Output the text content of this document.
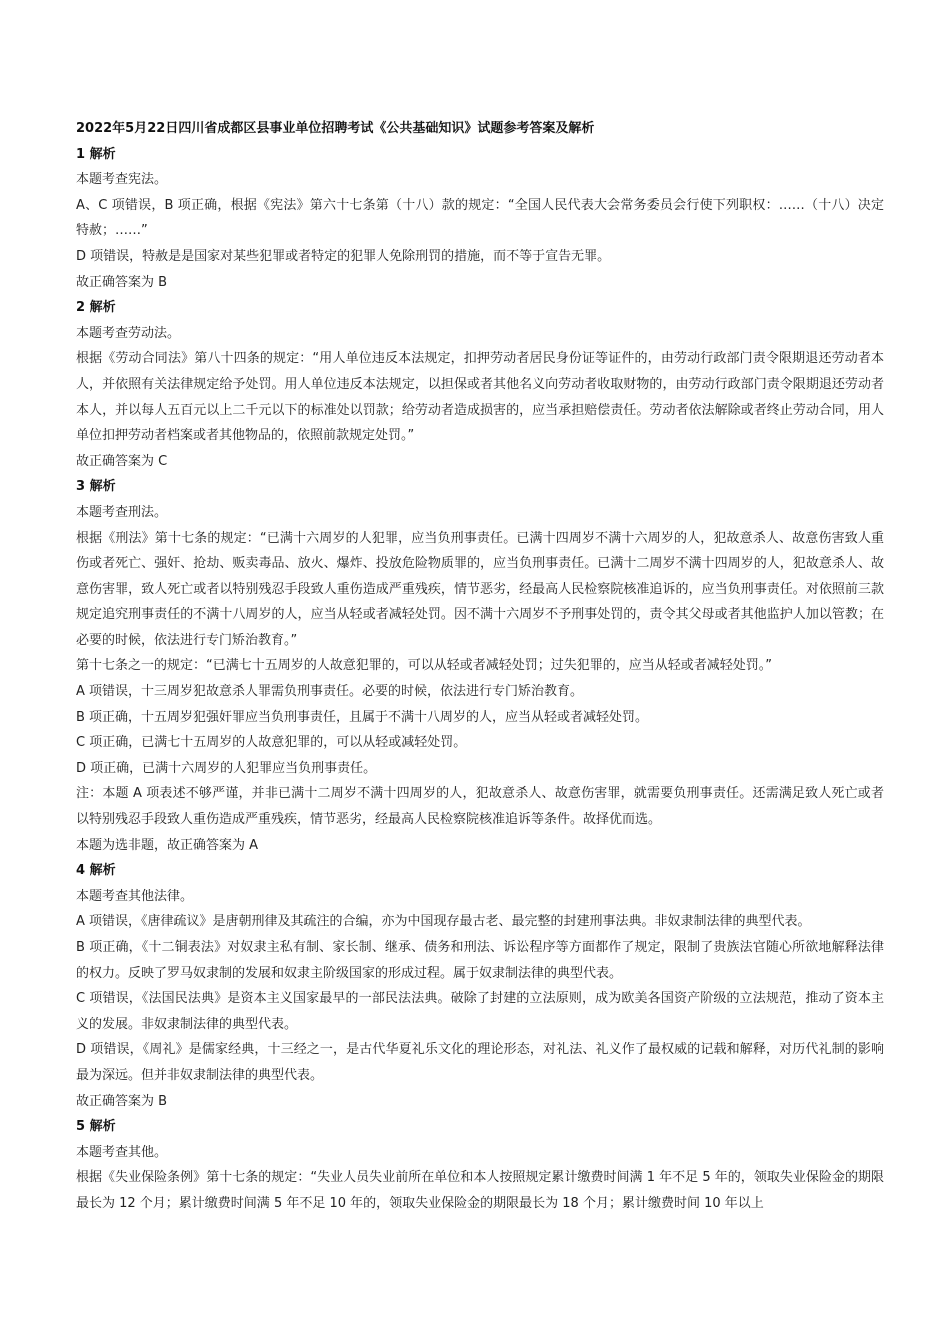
2022年5月22日四川省成都区县事业单位招聘考试《公共基础知识》试题参考答案及解析

1 解析

本题考查宪法。

A、C 项错误，B 项正确，根据《宪法》第六十七条第（十八）款的规定：“全国人民代表大会常务委员会行使下列职权：……（十八）决定特赦；……”

D 项错误，特赦是是国家对某些犯罪或者特定的犯罪人免除刑罚的措施，而不等于宣告无罪。

故正确答案为 B

2 解析

本题考查劳动法。

根据《劳动合同法》第八十四条的规定：“用人单位违反本法规定，扣押劳动者居民身份证等证件的，由劳动行政部门责令限期退还劳动者本人，并依照有关法律规定给予处罚。用人单位违反本法规定，以担保或者其他名义向劳动者收取财物的，由劳动行政部门责令限期退还劳动者本人，并以每人五百元以上二千元以下的标准处以罚款；给劳动者造成损害的，应当承担赔偿责任。劳动者依法解除或者终止劳动合同，用人单位扣押劳动者档案或者其他物品的，依照前款规定处罚。”

故正确答案为 C

3 解析

本题考查刑法。

根据《刑法》第十七条的规定：“已满十六周岁的人犯罪，应当负刑事责任。已满十四周岁不满十六周岁的人，犯故意杀人、故意伤害致人重伤或者死亡、强奸、抢劫、贩卖毒品、放火、爆炸、投放危险物质罪的，应当负刑事责任。已满十二周岁不满十四周岁的人，犯故意杀人、故意伤害罪，致人死亡或者以特别残忍手段致人重伤造成严重残疾，情节恶劣，经最高人民检察院核准追诉的，应当负刑事责任。对依照前三款规定追究刑事责任的不满十八周岁的人，应当从轻或者减轻处罚。因不满十六周岁不予刑事处罚的，责令其父母或者其他监护人加以管教；在必要的时候，依法进行专门矫治教育。”

第十七条之一的规定：“已满七十五周岁的人故意犯罪的，可以从轻或者减轻处罚；过失犯罪的，应当从轻或者减轻处罚。”

A 项错误，十三周岁犯故意杀人罪需负刑事责任。必要的时候，依法进行专门矫治教育。

B 项正确，十五周岁犯强奸罪应当负刑事责任，且属于不满十八周岁的人，应当从轻或者减轻处罚。

C 项正确，已满七十五周岁的人故意犯罪的，可以从轻或减轻处罚。

D 项正确，已满十六周岁的人犯罪应当负刑事责任。

注：本题 A 项表述不够严谨，并非已满十二周岁不满十四周岁的人，犯故意杀人、故意伤害罪，就需要负刑事责任。还需满足致人死亡或者以特别残忍手段致人重伤造成严重残疾，情节恶劣，经最高人民检察院核准追诉等条件。故择优而选。

本题为选非题，故正确答案为 A

4 解析

本题考查其他法律。

A 项错误，《唐律疏议》是唐朝刑律及其疏注的合编，亦为中国现存最古老、最完整的封建刑事法典。非奴隶制法律的典型代表。

B 项正确，《十二铜表法》对奴隶主私有制、家长制、继承、债务和刑法、诉讼程序等方面都作了规定，限制了贵族法官随心所欲地解释法律的权力。反映了罗马奴隶制的发展和奴隶主阶级国家的形成过程。属于奴隶制法律的典型代表。

C 项错误，《法国民法典》是资本主义国家最早的一部民法法典。破除了封建的立法原则，成为欧美各国资产阶级的立法规范，推动了资本主义的发展。非奴隶制法律的典型代表。

D 项错误，《周礼》是儒家经典，十三经之一，是古代华夏礼乐文化的理论形态，对礼法、礼义作了最权威的记载和解释，对历代礼制的影响最为深远。但并非奴隶制法律的典型代表。

故正确答案为 B

5 解析

本题考查其他。

根据《失业保险条例》第十七条的规定：“失业人员失业前所在单位和本人按照规定累计缴费时间满 1 年不足 5 年的，领取失业保险金的期限最长为 12 个月；累计缴费时间满 5 年不足 10 年的，领取失业保险金的期限最长为 18 个月；累计缴费时间 10 年以上
